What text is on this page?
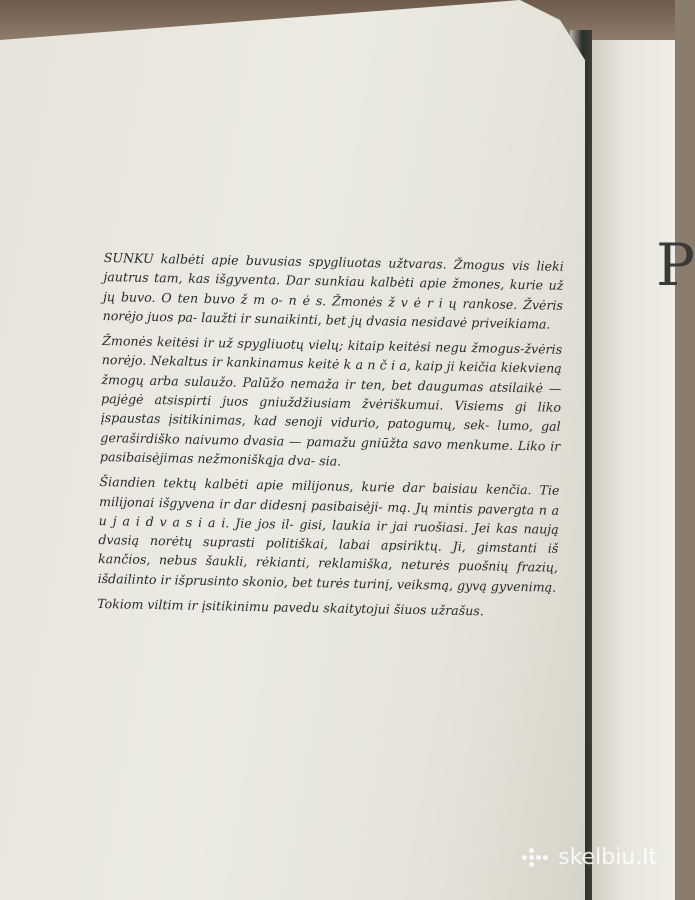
P

SUNKU kalbėti apie buvusias spygliuotas užtvaras. Žmogus vis lieki jautrus tam, kas išgyventa. Dar sunkiau kalbėti apie žmones, kurie už jų buvo. O ten buvo ž m o- n ė s. Žmonės ž v ė r i ų rankose. Žvėris norėjo juos pa- laužti ir sunaikinti, bet jų dvasia nesidavė priveikiama.

Žmonės keitėsi ir už spygliuotų vielų; kitaip keitėsi negu žmogus-žvėris norėjo. Nekaltus ir kankinamus keitė k a n č i a, kaip ji keičia kiekvieną žmogų arba sulaužo. Palūžo nemaža ir ten, bet daugumas atsilaikė — pajėgė atsispirti juos gniuždžiusiam žvėriškumui. Visiems gi liko įspaustas įsitikinimas, kad senoji vidurio, patogumų, sek- lumo, gal geraširdiško naivumo dvasia — pamažu gniūžta savo menkume. Liko ir pasibaisėjimas nežmoniškąja dva- sia.

Šiandien tektų kalbėti apie milijonus, kurie dar baisiau kenčia. Tie milijonai išgyvena ir dar didesnį pasibaisėji- mą. Jų mintis pavergta n a u j a i d v a s i a i. Jie jos il- gisi, laukia ir jai ruošiasi. Jei kas naują dvasią norėtų suprasti politiškai, labai apsiriktų. Ji, gimstanti iš kančios, nebus šaukli, rėkianti, reklamiška, neturės puošnių frazių, išdailinto ir išprusinto skonio, bet turės turinį, veiksmą, gyvą gyvenimą.

Tokiom viltim ir įsitikinimu pavedu skaitytojui šiuos užrašus.

skelbiu.lt
